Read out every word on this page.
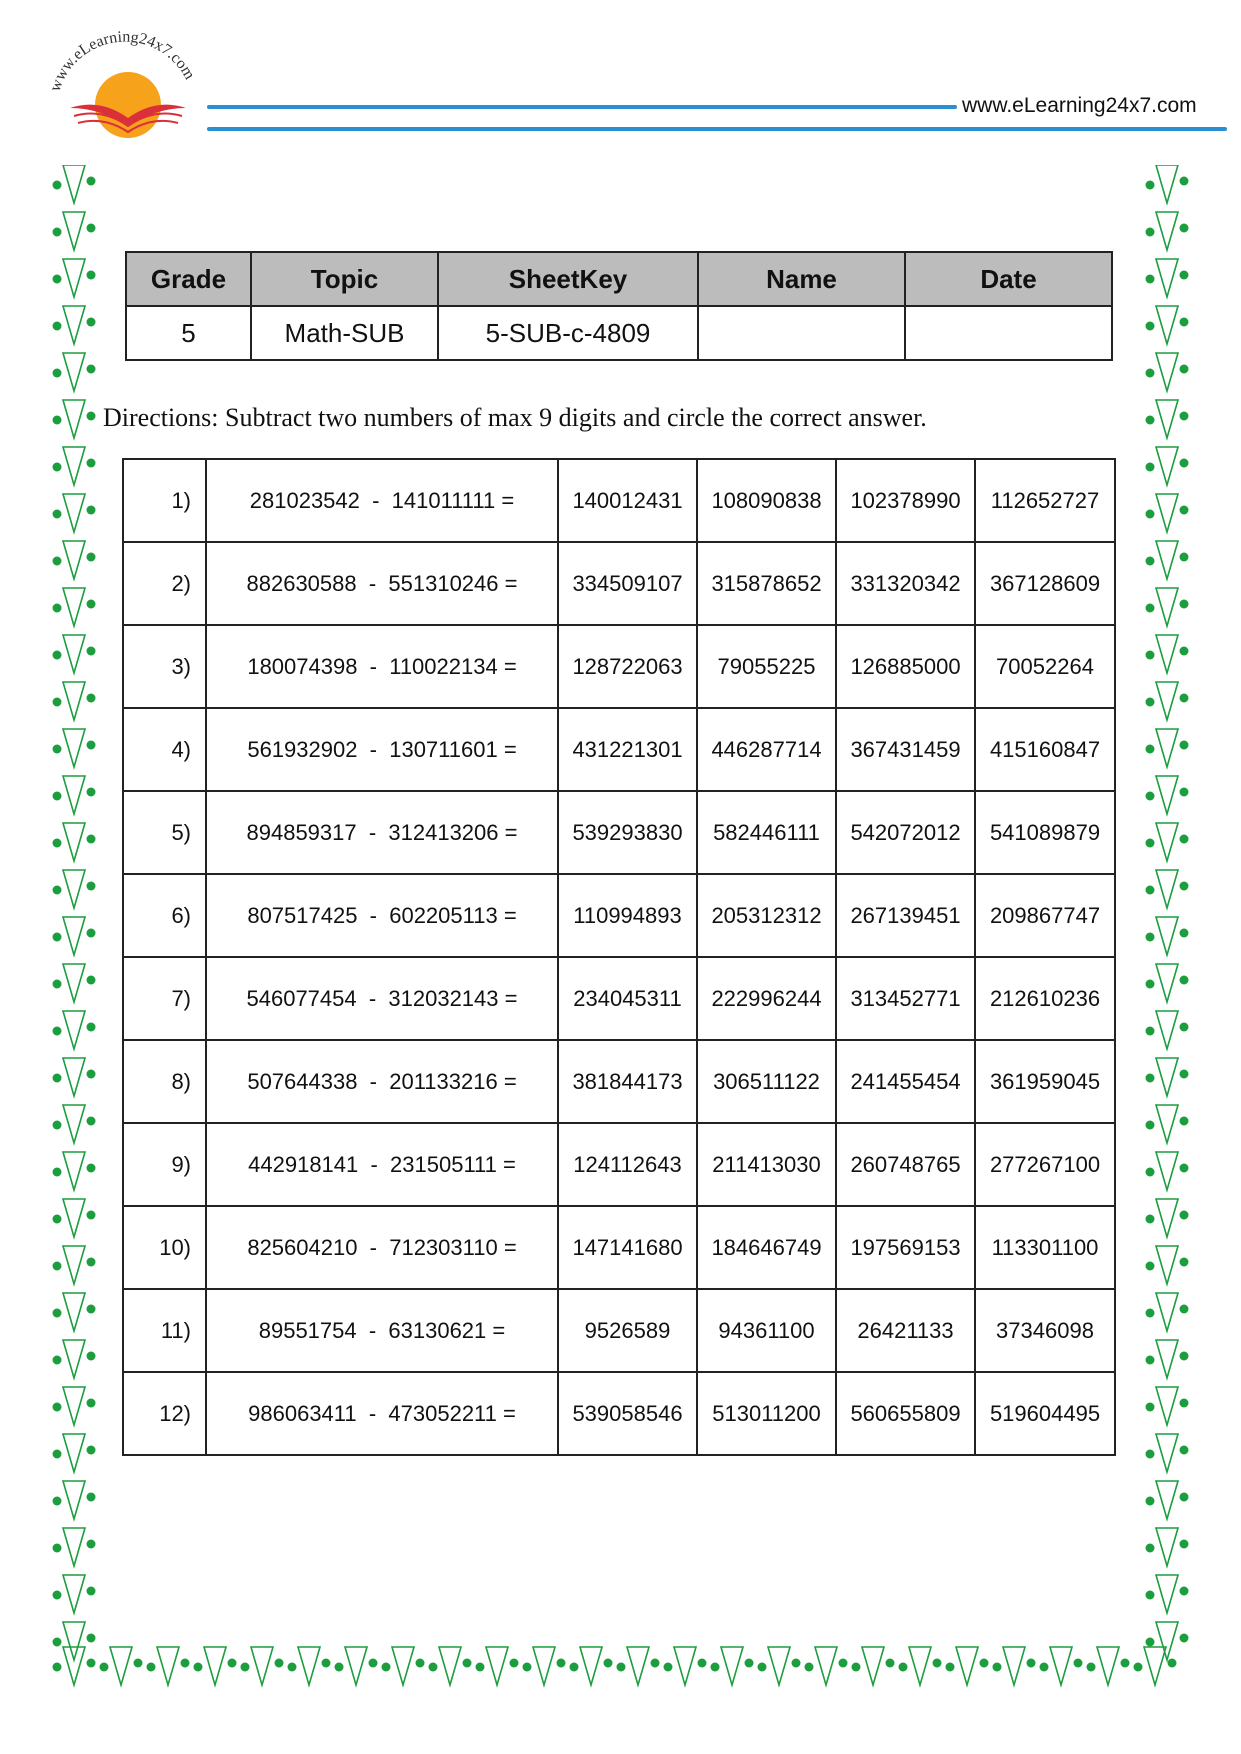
www.eLearning24x7.com
www.eLearning24x7.com
Grade	Topic	SheetKey	Name	Date
5	Math-SUB	5-SUB-c-4809		
Directions: Subtract two numbers of max 9 digits and circle the correct answer.
1)	281023542  -  141011111 =	140012431	108090838	102378990	112652727
2)	882630588  -  551310246 =	334509107	315878652	331320342	367128609
3)	180074398  -  110022134 =	128722063	79055225	126885000	70052264
4)	561932902  -  130711601 =	431221301	446287714	367431459	415160847
5)	894859317  -  312413206 =	539293830	582446111	542072012	541089879
6)	807517425  -  602205113 =	110994893	205312312	267139451	209867747
7)	546077454  -  312032143 =	234045311	222996244	313452771	212610236
8)	507644338  -  201133216 =	381844173	306511122	241455454	361959045
9)	442918141  -  231505111 =	124112643	211413030	260748765	277267100
10)	825604210  -  712303110 =	147141680	184646749	197569153	113301100
11)	89551754  -  63130621 =	9526589	94361100	26421133	37346098
12)	986063411  -  473052211 =	539058546	513011200	560655809	519604495
